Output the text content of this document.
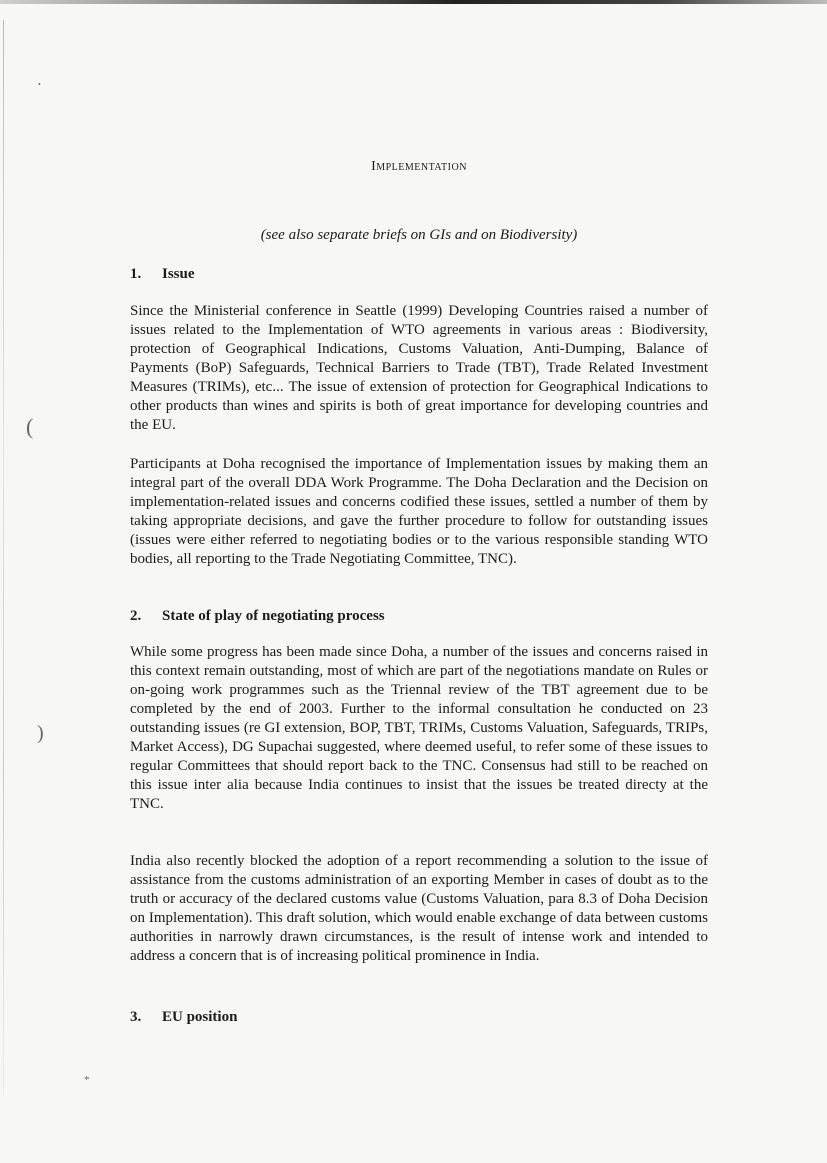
(
)
*
•
Implementation
(see also separate briefs on GIs and on Biodiversity)
1. Issue

Since the Ministerial conference in Seattle (1999) Developing Countries raised a number of issues related to the Implementation of WTO agreements in various areas : Biodiversity, protection of Geographical Indications, Customs Valuation, Anti-Dumping, Balance of Payments (BoP) Safeguards, Technical Barriers to Trade (TBT), Trade Related Investment Measures (TRIMs), etc... The issue of extension of protection for Geographical Indications to other products than wines and spirits is both of great importance for developing countries and the EU.

Participants at Doha recognised the importance of Implementation issues by making them an integral part of the overall DDA Work Programme. The Doha Declaration and the Decision on implementation-related issues and concerns codified these issues, settled a number of them by taking appropriate decisions, and gave the further procedure to follow for outstanding issues (issues were either referred to negotiating bodies or to the various responsible standing WTO bodies, all reporting to the Trade Negotiating Committee, TNC).

2. State of play of negotiating process

While some progress has been made since Doha, a number of the issues and concerns raised in this context remain outstanding, most of which are part of the negotiations mandate on Rules or on-going work programmes such as the Triennal review of the TBT agreement due to be completed by the end of 2003. Further to the informal consultation he conducted on 23 outstanding issues (re GI extension, BOP, TBT, TRIMs, Customs Valuation, Safeguards, TRIPs, Market Access), DG Supachai suggested, where deemed useful, to refer some of these issues to regular Committees that should report back to the TNC. Consensus had still to be reached on this issue inter alia because India continues to insist that the issues be treated directy at the TNC.

India also recently blocked the adoption of a report recommending a solution to the issue of assistance from the customs administration of an exporting Member in cases of doubt as to the truth or accuracy of the declared customs value (Customs Valuation, para 8.3 of Doha Decision on Implementation). This draft solution, which would enable exchange of data between customs authorities in narrowly drawn circumstances, is the result of intense work and intended to address a concern that is of increasing political prominence in India.

3. EU position
